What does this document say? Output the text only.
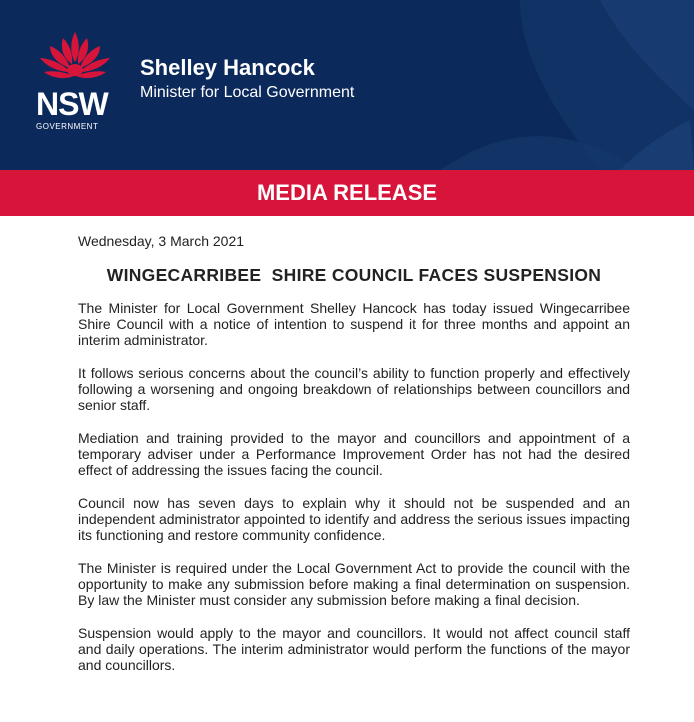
NSW
GOVERNMENT
Shelley Hancock
Minister for Local Government
MEDIA RELEASE
Wednesday, 3 March 2021
WINGECARRIBEE  SHIRE COUNCIL FACES SUSPENSION

The Minister for Local Government Shelley Hancock has today issued Wingecarribee Shire Council with a notice of intention to suspend it for three months and appoint an interim administrator.

It follows serious concerns about the council’s ability to function properly and effectively following a worsening and ongoing breakdown of relationships between councillors and senior staff.

Mediation and training provided to the mayor and councillors and appointment of a temporary adviser under a Performance Improvement Order has not had the desired effect of addressing the issues facing the council.

Council now has seven days to explain why it should not be suspended and an independent administrator appointed to identify and address the serious issues impacting its functioning and restore community confidence.

The Minister is required under the Local Government Act to provide the council with the opportunity to make any submission before making a final determination on suspension. By law the Minister must consider any submission before making a final decision.

Suspension would apply to the mayor and councillors. It would not affect council staff and daily operations. The interim administrator would perform the functions of the mayor and councillors.
